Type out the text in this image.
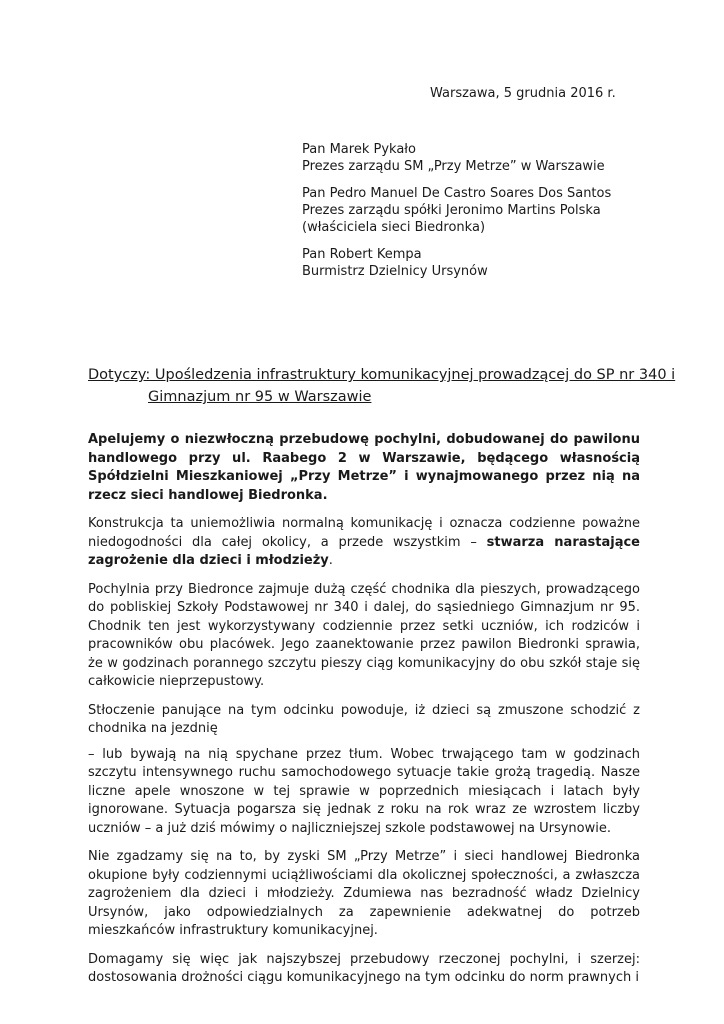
Warszawa, 5 grudnia 2016 r.
Pan Marek Pykało
Prezes zarządu SM „Przy Metrze” w Warszawie
Pan Pedro Manuel De Castro Soares Dos Santos
Prezes zarządu spółki Jeronimo Martins Polska
(właściciela sieci Biedronka)
Pan Robert Kempa
Burmistrz Dzielnicy Ursynów
Dotyczy: Upośledzenia infrastruktury komunikacyjnej prowadzącej do SP nr 340 i
Gimnazjum nr 95 w Warszawie

Apelujemy o niezwłoczną przebudowę pochylni, dobudowanej do pawilonu handlowego przy ul. Raabego 2 w Warszawie, będącego własnością Spółdzielni Mieszkaniowej „Przy Metrze” i wynajmowanego przez nią na rzecz sieci handlowej Biedronka.

Konstrukcja ta uniemożliwia normalną komunikację i oznacza codzienne poważne niedogodności dla całej okolicy, a przede wszystkim – stwarza narastające zagrożenie dla dzieci i młodzieży.

Pochylnia przy Biedronce zajmuje dużą część chodnika dla pieszych, prowadzącego do pobliskiej Szkoły Podstawowej nr 340 i dalej, do sąsiedniego Gimnazjum nr 95. Chodnik ten jest wykorzystywany codziennie przez setki uczniów, ich rodziców i pracowników obu placówek. Jego zaanektowanie przez pawilon Biedronki sprawia, że w godzinach porannego szczytu pieszy ciąg komunikacyjny do obu szkół staje się całkowicie nieprzepustowy.

Stłoczenie panujące na tym odcinku powoduje, iż dzieci są zmuszone schodzić z chodnika na jezdnię

– lub bywają na nią spychane przez tłum. Wobec trwającego tam w godzinach szczytu intensywnego ruchu samochodowego sytuacje takie grożą tragedią. Nasze liczne apele wnoszone w tej sprawie w poprzednich miesiącach i latach były ignorowane. Sytuacja pogarsza się jednak z roku na rok wraz ze wzrostem liczby uczniów – a już dziś mówimy o najliczniejszej szkole podstawowej na Ursynowie.

Nie zgadzamy się na to, by zyski SM „Przy Metrze” i sieci handlowej Biedronka okupione były codziennymi uciążliwościami dla okolicznej społeczności, a zwłaszcza zagrożeniem dla dzieci i młodzieży. Zdumiewa nas bezradność władz Dzielnicy Ursynów, jako odpowiedzialnych za zapewnienie adekwatnej do potrzeb mieszkańców infrastruktury komunikacyjnej.

Domagamy się więc jak najszybszej przebudowy rzeczonej pochylni, i szerzej: dostosowania drożności ciągu komunikacyjnego na tym odcinku do norm prawnych i
